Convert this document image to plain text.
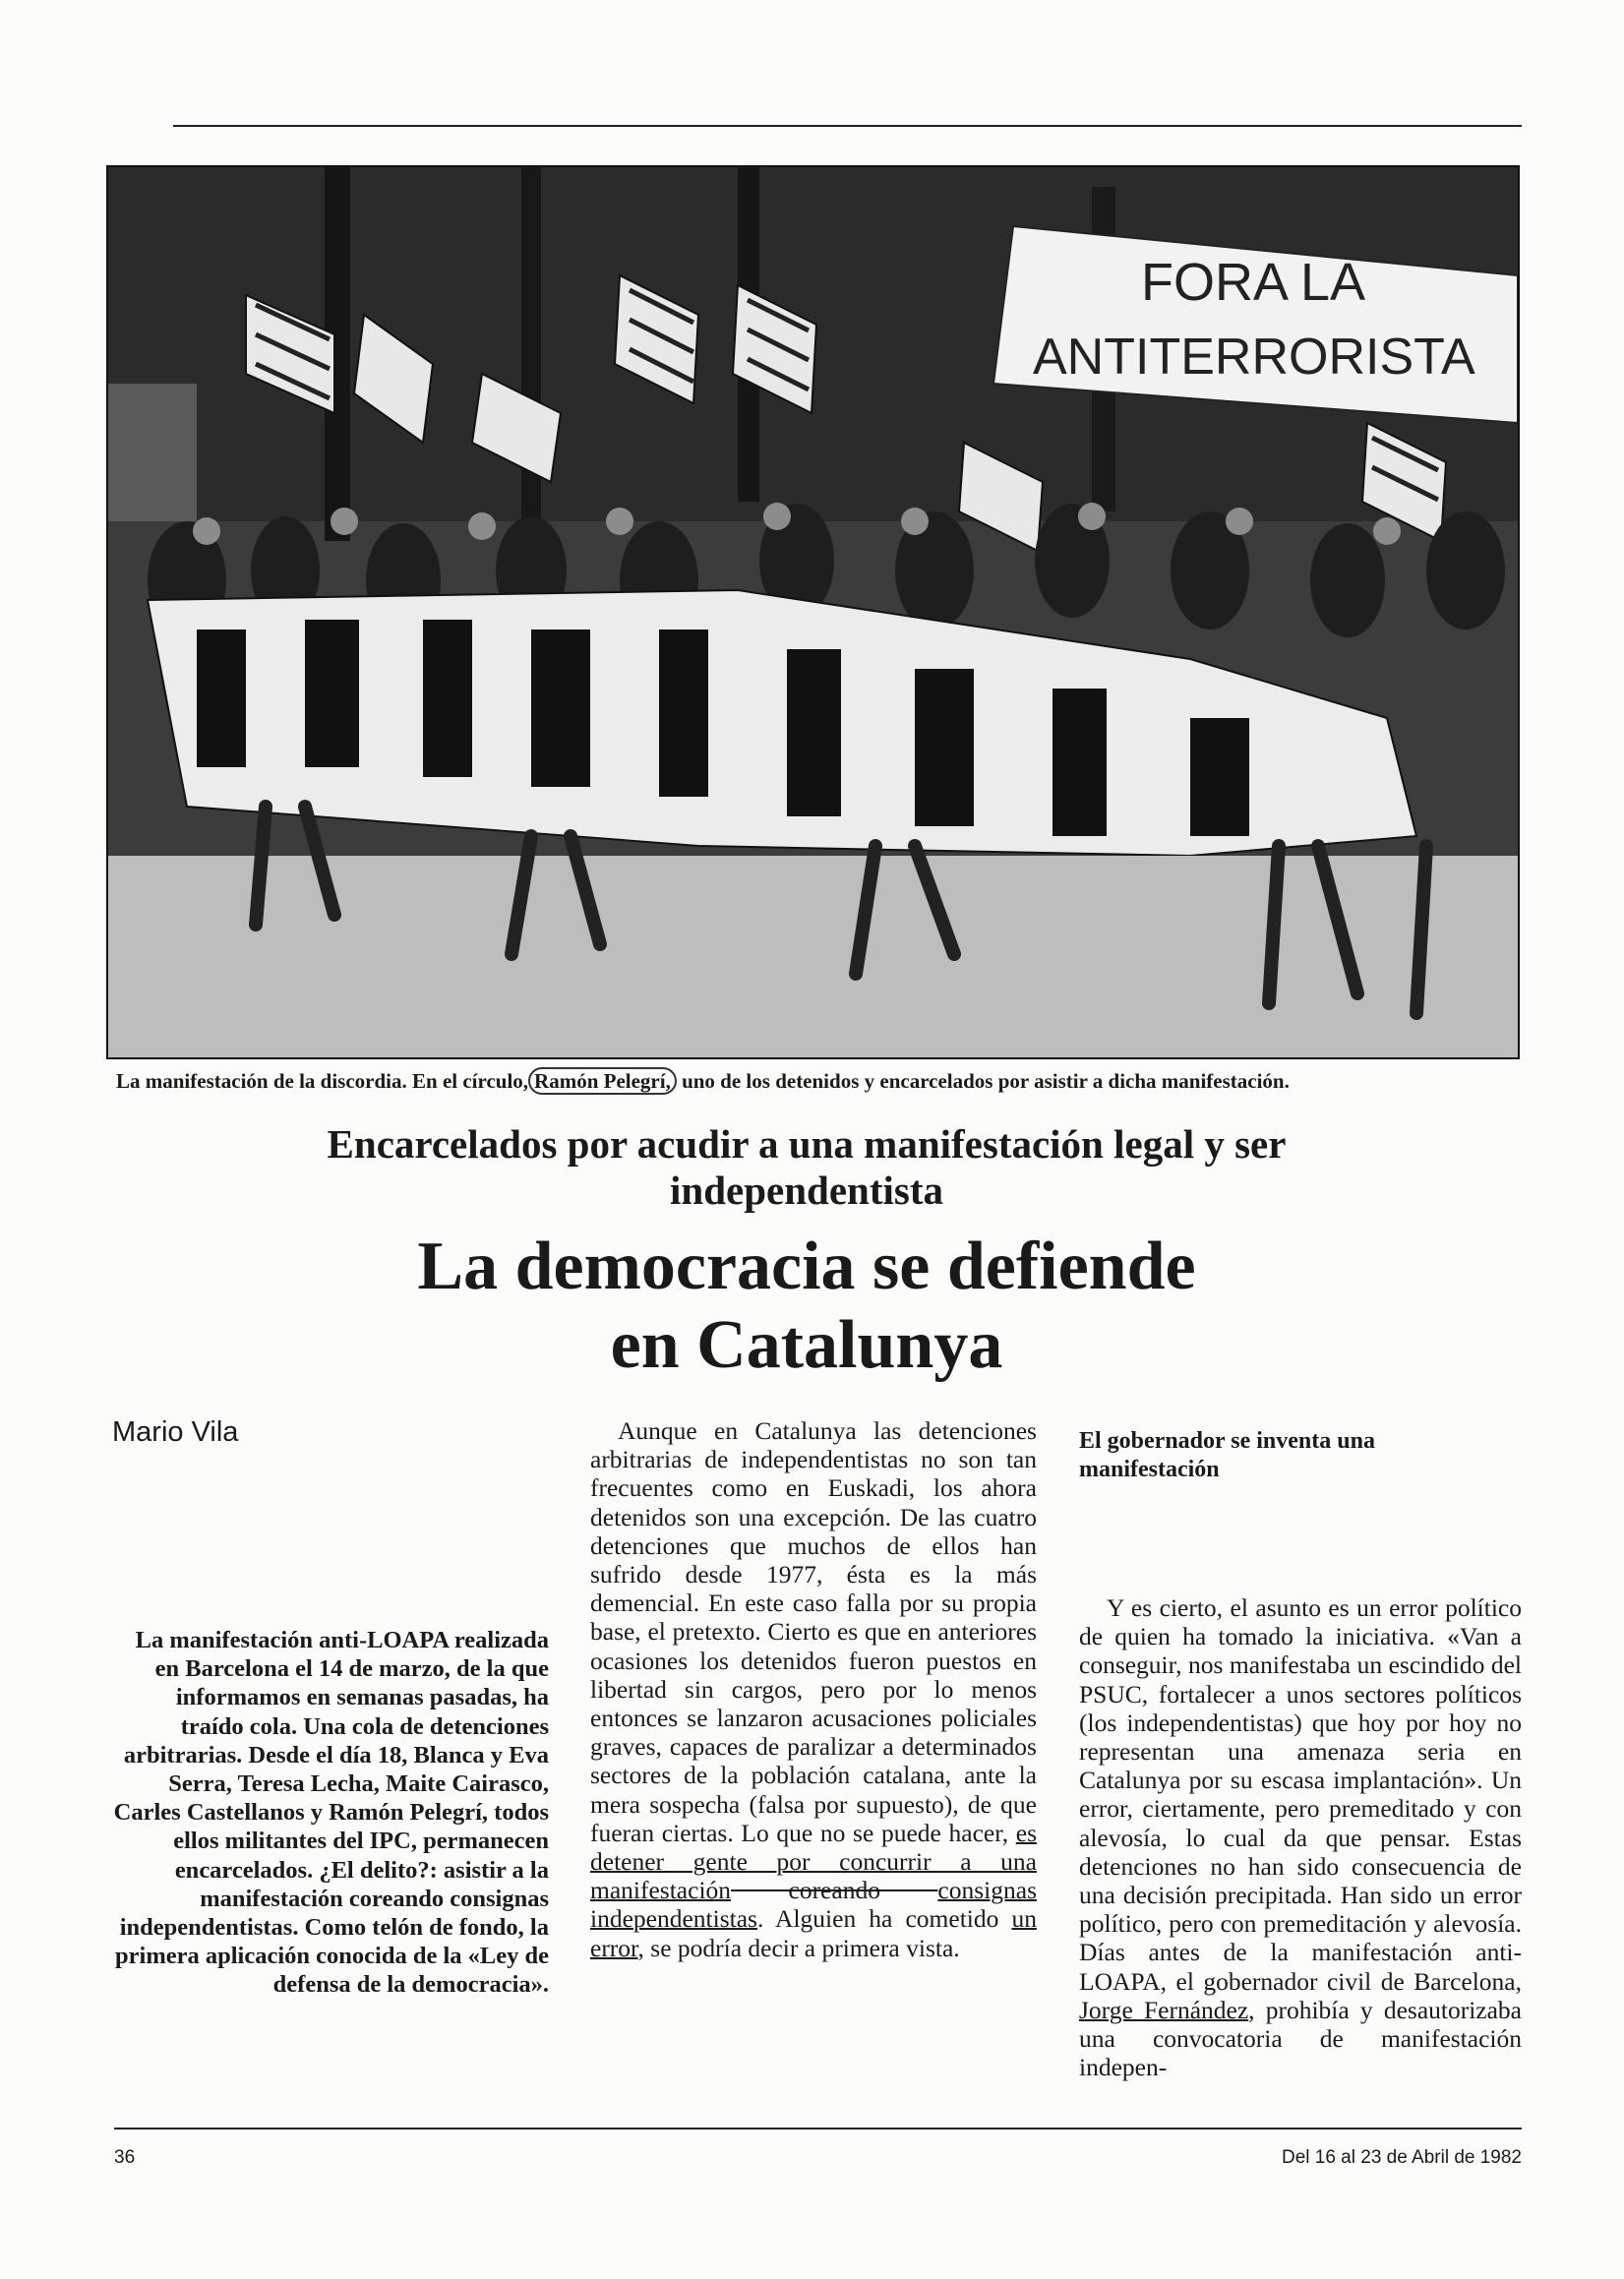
FORA LA
ANTITERRORISTA
La manifestación de la discordia. En el círculo, Ramón Pelegrí, uno de los detenidos y encarcelados por asistir a dicha manifestación.
Encarcelados por acudir a una manifestación legal y ser
independentista
La democracia se defiende
en Catalunya
Mario Vila
La manifestación anti-LOAPA realizada en Barcelona el 14 de marzo, de la que informamos en semanas pasadas, ha traído cola. Una cola de detenciones arbitrarias. Desde el día 18, Blanca y Eva Serra, Teresa Lecha, Maite Cairasco, Carles Castellanos y Ramón Pelegrí, todos ellos militantes del IPC, permanecen encarcelados. ¿El delito?: asistir a la manifestación coreando consignas independentistas. Como telón de fondo, la primera aplicación conocida de la «Ley de defensa de la democracia».

Aunque en Catalunya las detenciones arbitrarias de independentistas no son tan frecuentes como en Euskadi, los ahora detenidos son una excepción. De las cuatro detenciones que muchos de ellos han sufrido desde 1977, ésta es la más demencial. En este caso falla por su propia base, el pretexto. Cierto es que en anteriores ocasiones los detenidos fueron puestos en libertad sin cargos, pero por lo menos entonces se lanzaron acusaciones policiales graves, capaces de paralizar a determinados sectores de la población catalana, ante la mera sospecha (falsa por supuesto), de que fueran ciertas. Lo que no se puede hacer, es detener gente por concurrir a una manifestación coreando consignas independentistas. Alguien ha cometido un error, se podría decir a primera vista.

El gobernador se inventa una manifestación

Y es cierto, el asunto es un error político de quien ha tomado la iniciativa. «Van a conseguir, nos manifestaba un escindido del PSUC, fortalecer a unos sectores políticos (los independentistas) que hoy por hoy no representan una amenaza seria en Catalunya por su escasa implantación». Un error, ciertamente, pero premeditado y con alevosía, lo cual da que pensar. Estas detenciones no han sido consecuencia de una decisión precipitada. Han sido un error político, pero con premeditación y alevosía. Días antes de la manifestación anti-LOAPA, el gobernador civil de Barcelona, Jorge Fernández, prohibía y desautorizaba una convocatoria de manifestación indepen-

36	Del 16 al 23 de Abril de 1982
